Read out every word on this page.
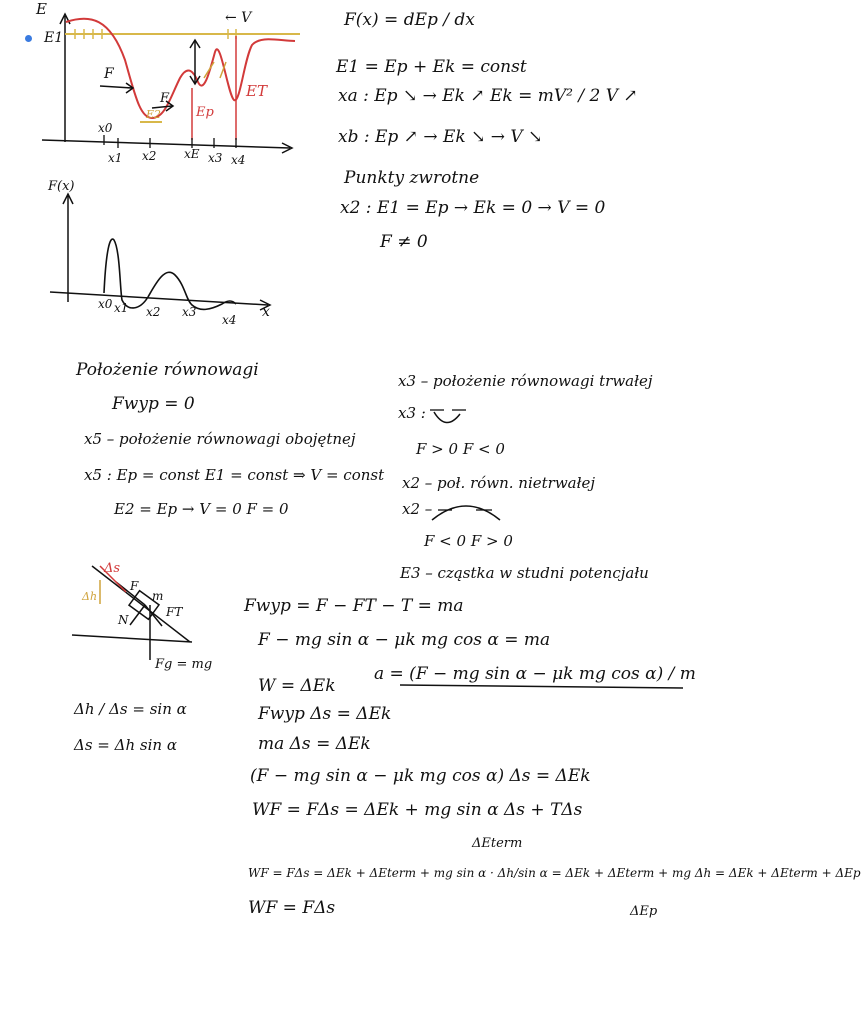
E
E1
← V
F
F
Ep
ET
E2
x0
x1 x2 xE x3 x4
F(x)
x
x0 x1 x2 x3
x4
Δs
Δh
F
m
FT
N
Fg = mg
F(x) = dEp / dx
E1 = Ep + Ek = const
xa : Ep ↘ → Ek ↗ Ek = mV² / 2 V ↗
xb : Ep ↗ → Ek ↘ → V ↘
Punkty zwrotne
x2 : E1 = Ep → Ek = 0 → V = 0
F ≠ 0
Położenie równowagi
Fwyp = 0
x5 – położenie równowagi obojętnej
x5 : Ep = const E1 = const ⇒ V = const
E2 = Ep → V = 0 F = 0
x3 – położenie równowagi trwałej
x3 :
F > 0 F < 0
x2 – poł. równ. nietrwałej
x2 –
F < 0 F > 0
E3 – cząstka w studni potencjału
Δh / Δs = sin α
Δs = Δh sin α
Fwyp = F − FT − T = ma
F − mg sin α − μk mg cos α = ma
a = (F − mg sin α − μk mg cos α) / m
W = ΔEk
Fwyp Δs = ΔEk
ma Δs = ΔEk
(F − mg sin α − μk mg cos α) Δs = ΔEk
WF = FΔs = ΔEk + mg sin α Δs + TΔs
ΔEterm
WF = FΔs = ΔEk + ΔEterm + mg sin α · Δh/sin α = ΔEk + ΔEterm + mg Δh = ΔEk + ΔEterm + ΔEp
ΔEp
WF = FΔs
